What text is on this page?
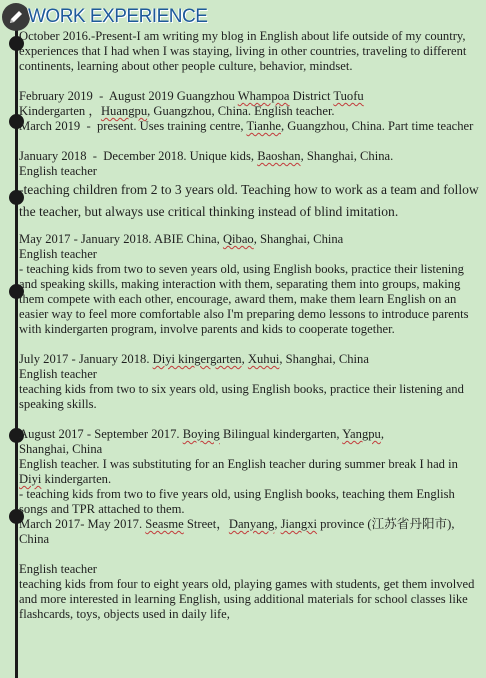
WORK EXPERIENCE

October 2016.-Present-I am writing my blog in English about life outside of my country, experiences that I had when I was staying, living in other countries, traveling to different continents, learning about other people culture, behavior, mindset.

February 2019  -  August 2019 Guangzhou Whampoa District Tuofu

Kindergarten ，Huangpu, Guangzhou, China. English teacher.

March 2019  -  present. Uses training centre, Tianhe, Guangzhou, China. Part time teacher

January 2018  -  December 2018. Unique kids, Baoshan, Shanghai, China.

English teacher

-teaching children from 2 to 3 years old. Teaching how to work as a team and follow the teacher, but always use critical thinking instead of blind imitation.

May 2017 - January 2018. ABIE China, Qibao, Shanghai, China

English teacher

- teaching kids from two to seven years old, using English books, practice their listening and speaking skills, making interaction with them, separating them into groups, making them compete with each other, encourage, award them, make them learn English on an easier way to feel more comfortable also I'm preparing demo lessons to introduce parents with kindergarten program, involve parents and kids to cooperate together.

July 2017 - January 2018. Diyi kingergarten, Xuhui, Shanghai, China

English teacher

teaching kids from two to six years old, using English books, practice their listening and speaking skills.

August 2017 - September 2017. Boying Bilingual kindergarten, Yangpu,

Shanghai, China

English teacher. I was substituting for an English teacher during summer break I had in Diyi kindergarten.

- teaching kids from two to five years old, using English books, teaching them English songs and TPR attached to them.

March 2017- May 2017. Seasme Street，Danyang, Jiangxi province (江苏省丹阳市), China

English teacher

teaching kids from four to eight years old, playing games with students, get them involved and more interested in learning English, using additional materials for school classes like flashcards, toys, objects used in daily life,
